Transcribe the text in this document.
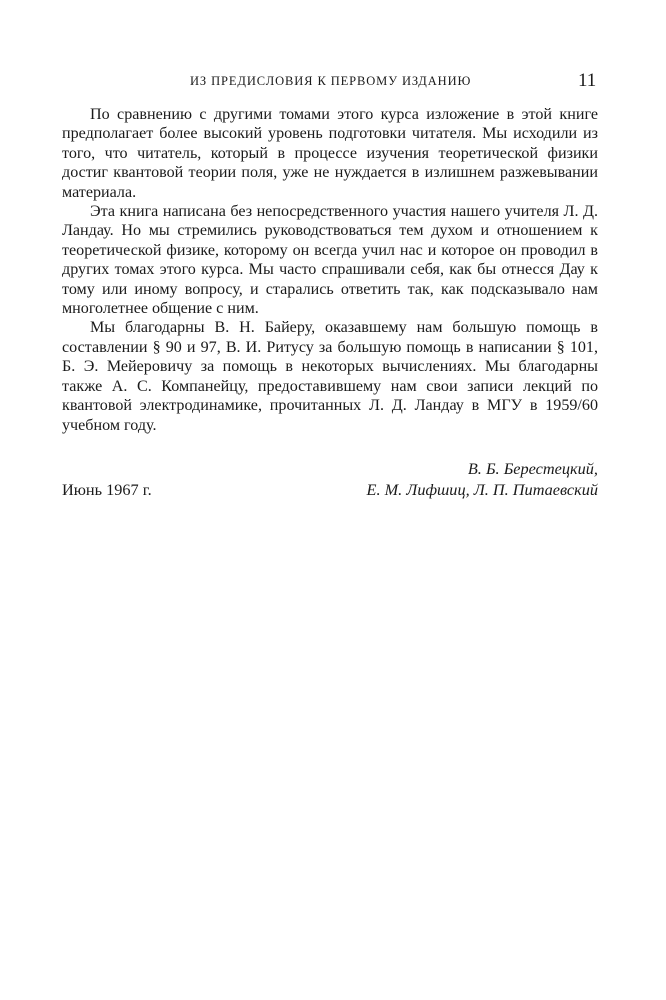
ИЗ ПРЕДИСЛОВИЯ К ПЕРВОМУ ИЗДАНИЮ	11

По сравнению с другими томами этого курса изложение в этой книге предполагает более высокий уровень подготовки читателя. Мы исходили из того, что читатель, который в процессе изучения теоретической физики достиг квантовой теории поля, уже не нуждается в излишнем разжевывании материала.

Эта книга написана без непосредственного участия нашего учителя Л. Д. Ландау. Но мы стремились руководствоваться тем духом и отношением к теоретической физике, которому он всегда учил нас и которое он проводил в других томах этого курса. Мы часто спрашивали себя, как бы отнесся Дау к тому или иному вопросу, и старались ответить так, как подсказывало нам многолетнее общение с ним.

Мы благодарны В. Н. Байеру, оказавшему нам большую помощь в составлении § 90 и 97, В. И. Ритусу за большую помощь в написании § 101, Б. Э. Мейеровичу за помощь в некоторых вычислениях. Мы благодарны также А. С. Компанейцу, предоставившему нам свои записи лекций по квантовой электродинамике, прочитанных Л. Д. Ландау в МГУ в 1959/60 учебном году.

В. Б. Берестецкий,
Июнь 1967 г.	Е. М. Лифшиц, Л. П. Питаевский
